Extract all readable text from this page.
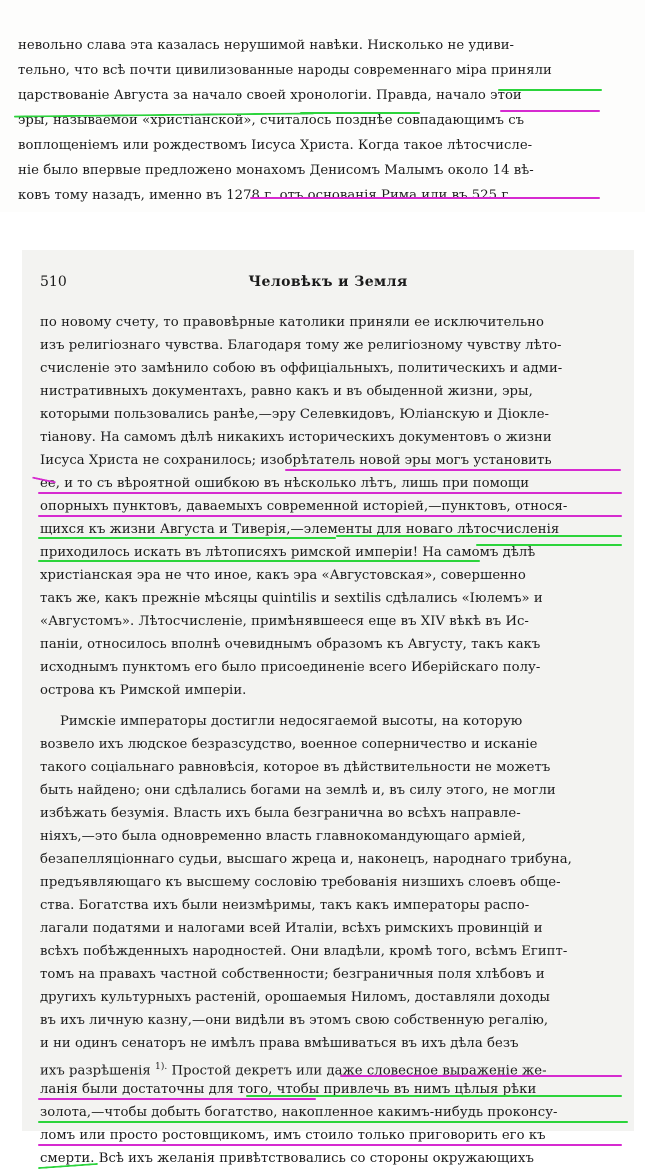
невольно слава эта казалась нерушимой навѣки. Нисколько не удиви-

тельно, что всѣ почти цивилизованные народы современнаго міра приняли

царствованіе Августа за начало своей хронологіи. Правда, начало этой

эры, называемой «христіанской», считалось позднѣе совпадающимъ съ

воплощеніемъ или рождествомъ Іисуса Христа. Когда такое лѣтосчисле-

ніе было впервые предложено монахомъ Денисомъ Малымъ около 14 вѣ-

ковъ тому назадъ, именно въ 1278 г. отъ основанія Рима или въ 525 г.

510	Человѣкъ и Земля

по новому счету, то правовѣрные католики приняли ее исключительно

изъ религіознаго чувства. Благодаря тому же религіозному чувству лѣто-

счисленіе это замѣнило собою въ оффиціальныхъ, политическихъ и адми-

нистративныхъ документахъ, равно какъ и въ обыденной жизни, эры,

которыми пользовались ранѣе,—эру Селевкидовъ, Юліанскую и Діокле-

тіанову. На самомъ дѣлѣ никакихъ историческихъ документовъ о жизни

Іисуса Христа не сохранилось; изобрѣтатель новой эры могъ установить

ее, и то съ вѣроятной ошибкою въ нѣсколько лѣтъ, лишь при помощи

опорныхъ пунктовъ, даваемыхъ современной исторіей,—пунктовъ, относя-

щихся къ жизни Августа и Тиверія,—элементы для новаго лѣтосчисленія

приходилось искать въ лѣтописяхъ римской имперіи! На самомъ дѣлѣ

христіанская эра не что иное, какъ эра «Августовская», совершенно

такъ же, какъ прежніе мѣсяцы quintilis и sextilis сдѣлались «Іюлемъ» и

«Августомъ». Лѣтосчисленіе, примѣнявшееся еще въ XIV вѣкѣ въ Ис-

паніи, относилось вполнѣ очевиднымъ образомъ къ Августу, такъ какъ

исходнымъ пунктомъ его было присоединеніе всего Иберійскаго полу-

острова къ Римской имперіи.

Римскіе императоры достигли недосягаемой высоты, на которую

возвело ихъ людское безразсудство, военное соперничество и исканіе

такого соціальнаго равновѣсія, которое въ дѣйствительности не можетъ

быть найдено; они сдѣлались богами на землѣ и, въ силу этого, не могли

избѣжать безумія. Власть ихъ была безгранична во всѣхъ направле-

ніяхъ,—это была одновременно власть главнокомандующаго арміей,

безапелляціоннаго судьи, высшаго жреца и, наконецъ, народнаго трибуна,

предъявляющаго къ высшему сословію требованія низшихъ слоевъ обще-

ства. Богатства ихъ были неизмѣримы, такъ какъ императоры распо-

лагали податями и налогами всей Италіи, всѣхъ римскихъ провинцій и

всѣхъ побѣжденныхъ народностей. Они владѣли, кромѣ того, всѣмъ Египт-

томъ на правахъ частной собственности; безграничныя поля хлѣбовъ и

другихъ культурныхъ растеній, орошаемыя Ниломъ, доставляли доходы

въ ихъ личную казну,—они видѣли въ этомъ свою собственную регалію,

и ни одинъ сенаторъ не имѣлъ права вмѣшиваться въ ихъ дѣла безъ

ихъ разрѣшенія $^{1).}$ Простой декретъ или даже словесное выраженіе же-

ланія были достаточны для того, чтобы привлечь въ нимъ цѣлыя рѣки

золота,—чтобы добыть богатство, накопленное какимъ-нибудь проконсу-

ломъ или просто ростовщикомъ, имъ стоило только приговорить его къ

смерти. Всѣ ихъ желанія привѣтствовались со стороны окружающихъ
